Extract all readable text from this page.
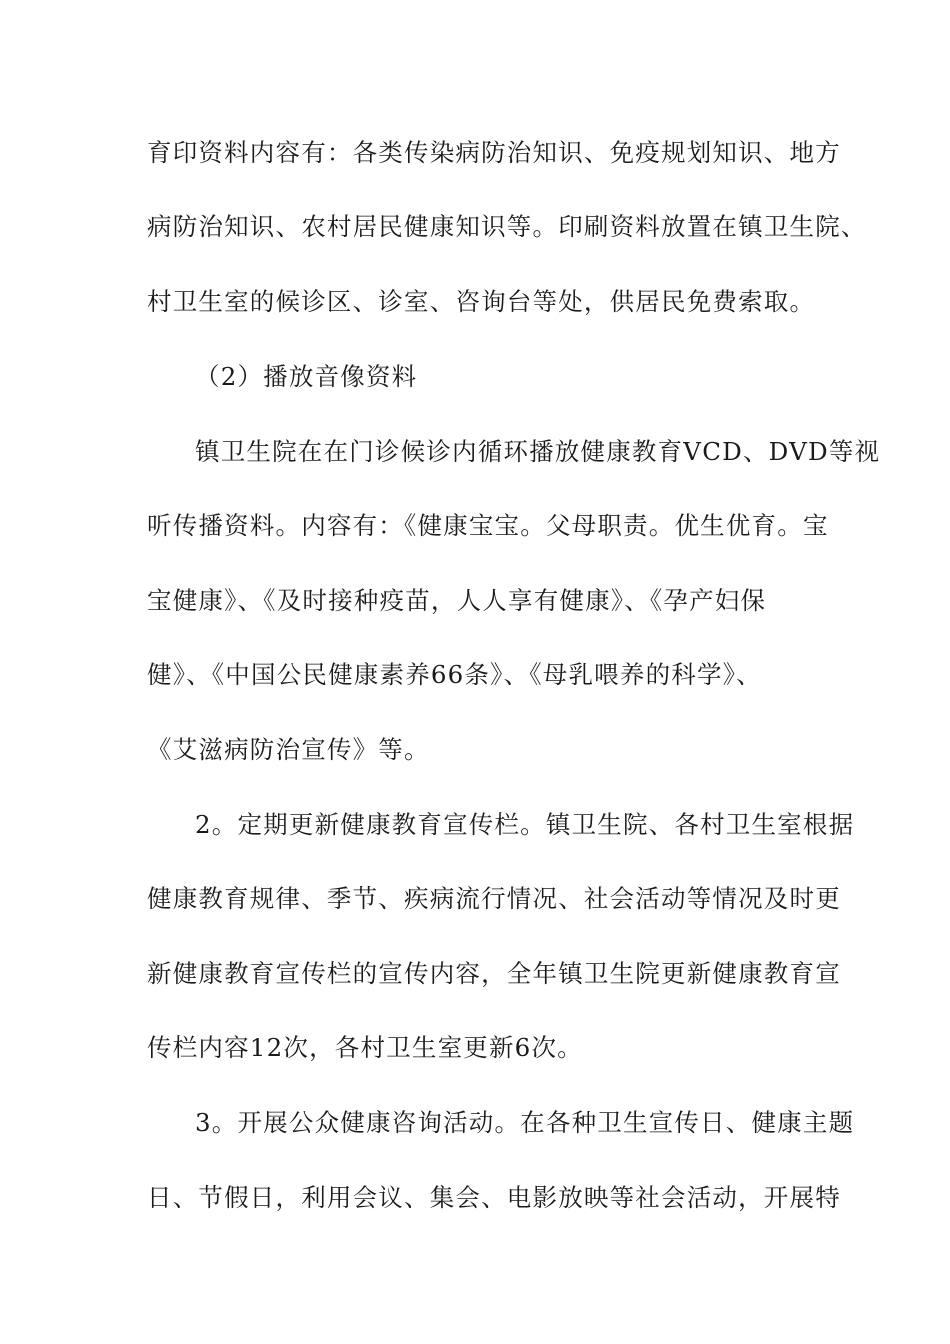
育印资料内容有：各类传染病防治知识、免疫规划知识、地方
病防治知识、农村居民健康知识等。印刷资料放置在镇卫生院、
村卫生室的候诊区、诊室、咨询台等处，供居民免费索取。
（2）播放音像资料
镇卫生院在在门诊候诊内循环播放健康教育VCD、DVD等视
听传播资料。内容有：《健康宝宝。父母职责。优生优育。宝
宝健康》、《及时接种疫苗，人人享有健康》、《孕产妇保
健》、《中国公民健康素养66条》、《母乳喂养的科学》、
《艾滋病防治宣传》等。
2。定期更新健康教育宣传栏。镇卫生院、各村卫生室根据
健康教育规律、季节、疾病流行情况、社会活动等情况及时更
新健康教育宣传栏的宣传内容，全年镇卫生院更新健康教育宣
传栏内容12次，各村卫生室更新6次。
3。开展公众健康咨询活动。在各种卫生宣传日、健康主题
日、节假日，利用会议、集会、电影放映等社会活动，开展特
